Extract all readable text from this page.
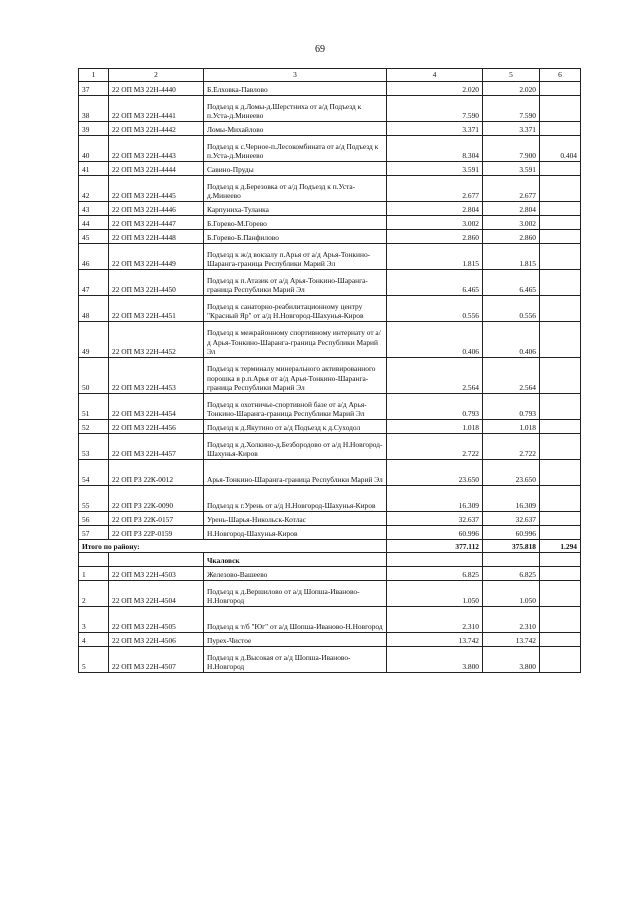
69
1	2	3	4	5	6
37	22 ОП МЗ 22Н-4440	Б.Елховка-Павлово	2.020	2.020	
38	22 ОП МЗ 22Н-4441	Подъезд к д.Ломы-д.Шерстниха от а/д Подъезд к п.Уста-д.Минеево	7.590	7.590	
39	22 ОП МЗ 22Н-4442	Ломы-Михайлово	3.371	3.371	
40	22 ОП МЗ 22Н-4443	Подъезд к с.Черное-п.Лесокомбината от а/д Подъезд к п.Уста-д.Минеево	8.304	7.900	0.404
41	22 ОП МЗ 22Н-4444	Савино-Пруды	3.591	3.591	
42	22 ОП МЗ 22Н-4445	Подъезд к д.Березовка от а/д Подъезд к п.Уста-д.Минеево	2.677	2.677	
43	22 ОП МЗ 22Н-4446	Карпуниха-Туланка	2.804	2.804	
44	22 ОП МЗ 22Н-4447	Б.Горево-М.Горево	3.002	3.002	
45	22 ОП МЗ 22Н-4448	Б.Горево-Б.Панфилово	2.860	2.860	
46	22 ОП МЗ 22Н-4449	Подъезд к ж/д вокзалу п.Арья от а/д Арья-Тонкино-Шаранга-граница Республики Марий Эл	1.815	1.815	
47	22 ОП МЗ 22Н-4450	Подъезд к п.Атазик от а/д Арья-Тонкино-Шаранга-граница Республики Марий Эл	6.465	6.465	
48	22 ОП МЗ 22Н-4451	Подъезд к санаторно-реабилитационному центру "Красный Яр" от а/д Н.Новгород-Шахунья-Киров	0.556	0.556	
49	22 ОП МЗ 22Н-4452	Подъезд к межрайонному спортивному интернату от а/д Арья-Тонкино-Шаранга-граница Республики Марий Эл	0.406	0.406	
50	22 ОП МЗ 22Н-4453	Подъезд к терминалу минерального активированного порошка в р.п.Арья от а/д Арья-Тонкино-Шаранга-граница Республики Марий Эл	2.564	2.564	
51	22 ОП МЗ 22Н-4454	Подъезд к охотничье-спортивной базе от а/д Арья-Тонкино-Шаранга-граница Республики Марий Эл	0.793	0.793	
52	22 ОП МЗ 22Н-4456	Подъезд к д.Якутино от а/д Подъезд к д.Суходол	1.018	1.018	
53	22 ОП МЗ 22Н-4457	Подъезд к д.Холкино-д.Безбородово от а/д Н.Новгород-Шахунья-Киров	2.722	2.722	
54	22 ОП РЗ 22К-0012	Арья-Тонкино-Шаранга-граница Республики Марий Эл	23.650	23.650	
55	22 ОП РЗ 22К-0090	Подъезд к г.Урень от а/д Н.Новгород-Шахунья-Киров	16.309	16.309	
56	22 ОП РЗ 22К-0157	Урень-Шарья-Никольск-Котлас	32.637	32.637	
57	22 ОП РЗ 22Р-0159	Н.Новгород-Шахунья-Киров	60.996	60.996	
Итого по району:			377.112	375.818	1.294
		Чкаловск			
1	22 ОП МЗ 22Н-4503	Железово-Вашеево	6.825	6.825	
2	22 ОП МЗ 22Н-4504	Подъезд к д.Вершилово от а/д Шопша-Иваново-Н.Новгород	1.050	1.050	
3	22 ОП МЗ 22Н-4505	Подъезд к т/б "Юг" от а/д Шопша-Иваново-Н.Новгород	2.310	2.310	
4	22 ОП МЗ 22Н-4506	Пурех-Чистое	13.742	13.742	
5	22 ОП МЗ 22Н-4507	Подъезд к д.Высокая от а/д Шопша-Иваново-Н.Новгород	3.800	3.800	
